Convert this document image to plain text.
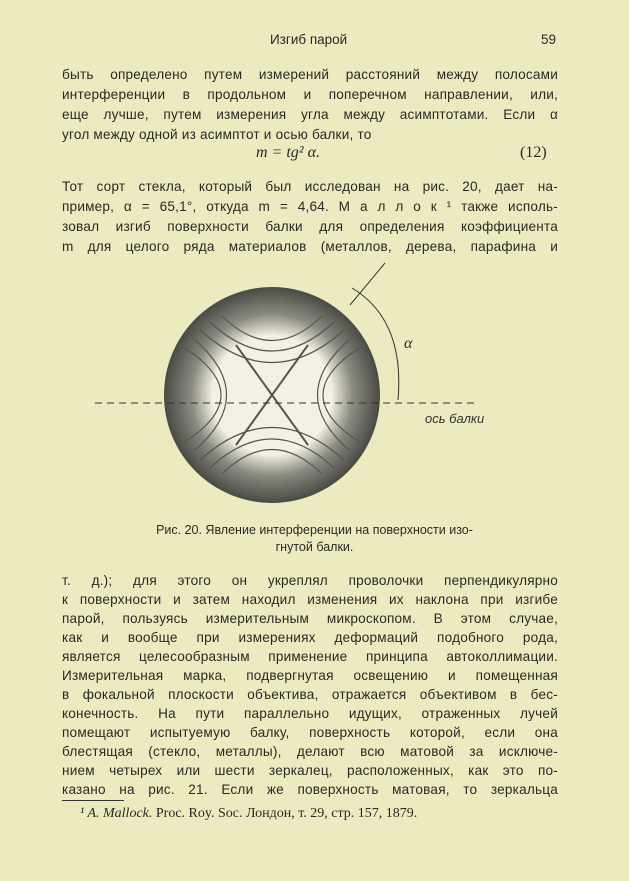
Изгиб парой	59
быть определено путем измерений расстояний между полосами
интерференции в продольном и поперечном направлении, или,
еще лучше, путем измерения угла между асимптотами. Если α
угол между одной из асимптот и осью балки, то
m = tg² α.	(12)
Тот сорт стекла, который был исследован на рис. 20, дает на-
пример, α = 65,1°, откуда m = 4,64. М а л л о к ¹ также исполь-
зовал изгиб поверхности балки для определения коэффициента
m для целого ряда материалов (металлов, дерева, парафина и
α
ось балки
Рис. 20. Явление интерференции на поверхности изо-
гнутой балки.
т. д.); для этого он укреплял проволочки перпендикулярно
к поверхности и затем находил изменения их наклона при изгибе
парой, пользуясь измерительным микроскопом. В этом случае,
как и вообще при измерениях деформаций подобного рода,
является целесообразным применение принципа автоколлимации.
Измерительная марка, подвергнутая освещению и помещенная
в фокальной плоскости объектива, отражается объективом в бес-
конечность. На пути параллельно идущих, отраженных лучей
помещают испытуемую балку, поверхность которой, если она
блестящая (стекло, металлы), делают всю матовой за исключе-
нием четырех или шести зеркалец, расположенных, как это по-
казано на рис. 21. Если же поверхность матовая, то зеркальца
¹ A. Mallock. Proc. Roy. Soc. Лондон, т. 29, стр. 157, 1879.
